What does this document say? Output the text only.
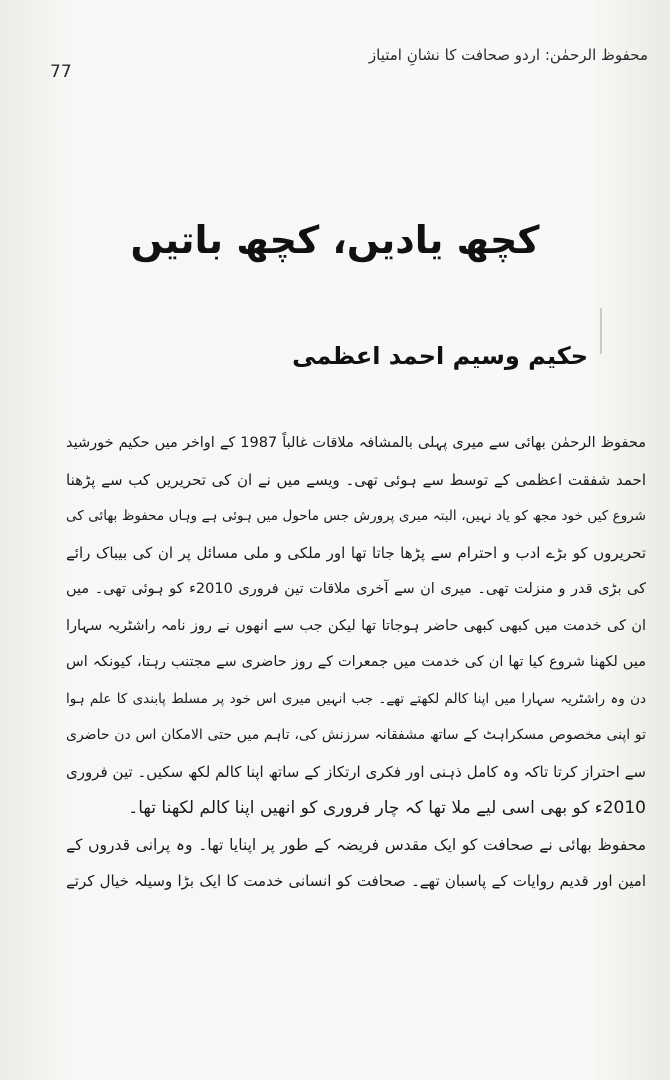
محفوظ الرحمٰن: اردو صحافت کا نشانِ امتیاز
77
کچھ یادیں، کچھ باتیں
حکیم وسیم احمد اعظمی
محفوظ الرحمٰن بھائی سے میری پہلی بالمشافہ ملاقات غالباً 1987 کے اواخر میں حکیم خورشید
احمد شفقت اعظمی کے توسط سے ہوئی تھی۔ ویسے میں نے ان کی تحریریں کب سے پڑھنا
شروع کیں خود مجھ کو یاد نہیں، البتہ میری پرورش جس ماحول میں ہوئی ہے وہاں محفوظ بھائی کی
تحریروں کو بڑے ادب و احترام سے پڑھا جاتا تھا اور ملکی و ملی مسائل پر ان کی بیباک رائے
کی بڑی قدر و منزلت تھی۔ میری ان سے آخری ملاقات تین فروری 2010ء کو ہوئی تھی۔ میں
ان کی خدمت میں کبھی کبھی حاضر ہوجاتا تھا لیکن جب سے انھوں نے روز نامہ راشٹریہ سہارا
میں لکھنا شروع کیا تھا ان کی خدمت میں جمعرات کے روز حاضری سے مجتنب رہتا، کیونکہ اس
دن وہ راشٹریہ سہارا میں اپنا کالم لکھتے تھے۔ جب انہیں میری اس خود پر مسلط پابندی کا علم ہوا
تو اپنی مخصوص مسکراہٹ کے ساتھ مشفقانہ سرزنش کی، تاہم میں حتی الامکان اس دن حاضری
سے احتراز کرتا تاکہ وہ کامل ذہنی اور فکری ارتکاز کے ساتھ اپنا کالم لکھ سکیں۔ تین فروری
2010ء کو بھی اسی لیے ملا تھا کہ چار فروری کو انھیں اپنا کالم لکھنا تھا۔
محفوظ بھائی نے صحافت کو ایک مقدس فریضہ کے طور پر اپنایا تھا۔ وہ پرانی قدروں کے
امین اور قدیم روایات کے پاسبان تھے۔ صحافت کو انسانی خدمت کا ایک بڑا وسیلہ خیال کرتے
